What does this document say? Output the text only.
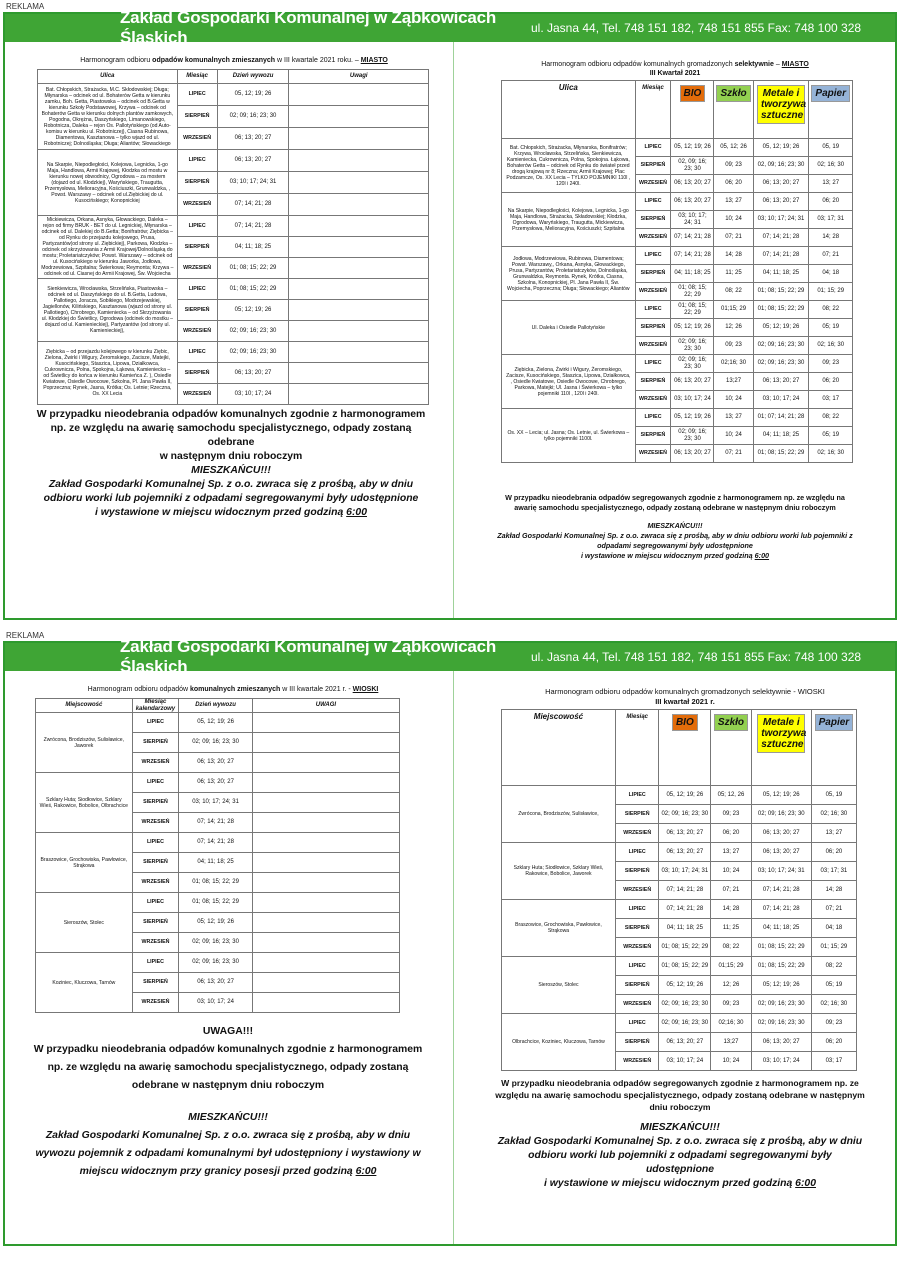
REKLAMA
Zakład Gospodarki Komunalnej w Ząbkowicach Śląskich	ul. Jasna 44, Tel. 748 151 182, 748 151 855 Fax: 748 100 328
Harmonogram odbioru odpadów komunalnych zmieszanych w III kwartale 2021 roku. – MIASTO
Ulica	Miesiąc	Dzień wywozu	Uwagi
Bat. Chłopskich, Strażacka, M.C. Skłodowskiej; Długa; Młynarska – odcinek od ul. Bohaterów Getta w kierunku zamku, Boh. Getta, Piastowska – odcinek od B.Getta w kierunku Szkoły Podstawowej, Krzywa – odcinek od Bohaterów Getta w kierunku dolnych plantów zamkowych, Pogodna, Okrężna, Daszyńskiego, Limanowskiego, Robotnicza, Daleka – rejon Os. Pallotyńskiego (od Auto-komisu w kierunku ul. Robotniczej), Ciasna Rubinowa, Diamentowa, Kasztanowa – tylko wjazd od ul. Robotniczej; Dolnośląska; Długa; Aliantów; Słowackiego	LIPIEC	05, 12; 19; 26	
	SIERPIEŃ	02; 09; 16; 23; 30	
	WRZESIEŃ	06; 13; 20; 27	
Na Skarpie, Niepodległości, Kolejowa, Legnicka, 1-go Maja, Handlowa, Armii Krajowej, Kłodzka od mostu w kierunku nowej obwodnicy, Ogrodowa – za mostem (dojazd od ul. Kłodzkiej), Waryńskiego, Traugutta, Przemysłowa, Melioracyjna, Kościuszki, Grunwaldzka, , Powst. Warszawy – odcinek od ul.Ziębickiej do ul. Kusocińskiego; Konopnickiej	LIPIEC	06; 13; 20; 27	
	SIERPIEŃ	03; 10; 17; 24; 31	
	WRZESIEŃ	07; 14; 21; 28	
Mickiewicza, Orkana, Asnyka, Głowackiego, Daleka – rejon od firmy BRUK - BET do ul. Legnickiej, Młynarska – odcinek od ul. Dalekiej do B.Getta; Bonifratrów; Ziębicka – od Rynku do przejazdu kolejowego, Prusa, Partyzantów(od strony ul. Ziębickiej), Parkowa, Kłodzka – odcinek od skrzyżowania z Armii Krajowej/Dolnośląską do mostu; Proletariatczyków; Powst. Warszawy – odcinek od ul. Kusocińskiego w kierunku Jaworka, Jodłowa, Modrzewiowa, Szpitalna; Świerkowa; Reymonta; Krzywa – odcinek od ul. Ciasnej do Armii Krajowej, Św. Wojciecha	LIPIEC	07; 14; 21; 28	
	SIERPIEŃ	04; 11; 18; 25	
	WRZESIEŃ	01; 08; 15; 22; 29	
Sienkiewicza, Wrocławska, Strzelińska, Piastowska – odcinek od ul. Daszyńskiego do ul. B.Getta, Ludowa, Pallotiego, Joracza, Sobikiego, Modrzejewskiej, Jagiellonów, Kilińskiego, Kasztanowa (wjazd od strony ul. Pallotiego), Chrobrego, Kamieniecka – od Skrzyżowania ul. Kłodzkiej do Świetlicy, Ogrodowa (odcinek do mostku – dojazd od ul. Kamienieckiej), Partyzantów (od strony ul. Kamienieckiej),	LIPIEC	01; 08; 15; 22; 29	
	SIERPIEŃ	05; 12; 19; 26	
	WRZESIEŃ	02; 09; 16; 23; 30	
Ziębicka – od przejazdu kolejowego w kierunku Ziębic, Zielona, Żwirki i Wigury, Żeromskiego, Zacisze, Matejki, Kusocińskiego, Staszica, Lipowa, Działkowca, Cukrownicza, Polna, Spokojna, Łąkowa, Kamieniecka – od Świetlicy do końca w kierunku Kamieńca Z. ), Osiedle Kwiatowe, Osiedle Owocowe, Szkolna, Pl. Jana Pawła II, Poprzeczna; Rynek, Jasna, Krótka; Os. Letnie; Rzeczna, Os. XX Lecia	LIPIEC	02; 09; 16; 23; 30	
	SIERPIEŃ	06; 13; 20; 27	
	WRZESIEŃ	03; 10; 17; 24	
W przypadku nieodebrania odpadów komunalnych zgodnie z harmonogramem np. ze względu na awarię samochodu specjalistycznego, odpady zostaną odebrane
w następnym dniu roboczym
MIESZKAŃCU!!!
Zakład Gospodarki Komunalnej Sp. z o.o. zwraca się z prośbą, aby w dniu odbioru worki lub pojemniki z odpadami segregowanymi były udostępnione
i wystawione w miejscu widocznym przed godziną 6:00
Harmonogram odbioru odpadów komunalnych gromadzonych selektywnie – MIASTO
III Kwartał 2021
Ulica	Miesiąc	BIO	Szkło	Metale i tworzywa sztuczne	Papier
Bat. Chłopskich, Strażacka, Młynarska, Bonifratrów; Krzywa, Wrocławska, Strzelińska, Sienkiewicza, Kamieniecka, Cukrownicza, Polna, Spokojna. Łąkowa, Bohaterów Getta – odcinek od Rynku do świateł przed drogą krajową nr 8; Rzeczna; Armii Krajowej; Plac Podzamcze, Os. XX Lecia – TYLKO POJEMNIKI 110l , 120l i 240l.	LIPIEC	05, 12; 19; 26	05, 12; 26	05, 12; 19; 26	05, 19
	SIERPIEŃ	02, 09; 16; 23; 30	09; 23	02, 09; 16; 23; 30	02; 16; 30
	WRZESIEŃ	06; 13; 20; 27	06; 20	06; 13; 20; 27	13; 27
Na Skarpie, Niepodległości, Kolejowa, Legnicka, 1-go Maja, Handlowa, Strażacka, Składowskiej; Kłodzka, Ogrodowa, Waryńskiego, Traugutta, Mickiewicza, Przemysłowa, Melioracyjna, Kościuszki; Szpitalna	LIPIEC	06; 13; 20; 27	13; 27	06; 13; 20; 27	06; 20
	SIERPIEŃ	03; 10; 17; 24; 31	10; 24	03; 10; 17; 24; 31	03; 17; 31
	WRZESIEŃ	07; 14; 21; 28	07; 21	07; 14; 21; 28	14; 28
Jodłowa, Modrzewiowa, Rubinowa, Diamentowa; Powst. Warszawy,, Orkana, Asnyka, Głowackiego, Prusa, Partyzantów, Proletariatczyków, Dolnośląska, Grunwaldzka, Reymonta. Rynek, Krótka, Ciasna, Szkolna, Konopnickiej, Pl. Jana Pawła II, Św. Wojciecha, Poprzeczna; Długa; Słowackiego; Aliantów	LIPIEC	07; 14; 21; 28	14; 28	07; 14; 21; 28	07; 21
	SIERPIEŃ	04; 11; 18; 25	11; 25	04; 11; 18; 25	04; 18
	WRZESIEŃ	01; 08; 15; 22; 29	08; 22	01; 08; 15; 22; 29	01; 15; 29
Ul. Daleka i Osiedle Pallotyńskie	LIPIEC	01; 08; 15; 22; 29	01;15; 29	01; 08; 15; 22; 29	08; 22
	SIERPIEŃ	05; 12; 19; 26	12; 26	05; 12; 19; 26	05; 19
	WRZESIEŃ	02; 09; 16; 23; 30	09; 23	02; 09; 16; 23; 30	02; 16; 30
Ziębicka, Zielona, Żwirki i Wigury, Żeromskiego, Zacisze, Kusocińskiego, Staszica, Lipowa, Działkowca, , Osiedle Kwiatowe, Osiedle Owocowe, Chrobrego, Parkowa, Matejki; Ul. Jasna i Świerkowa – tylko pojemniki 110l , 120l i 240l.	LIPIEC	02; 09; 16; 23; 30	02;16; 30	02; 09; 16; 23; 30	09; 23
	SIERPIEŃ	06; 13; 20; 27	13;27	06; 13; 20; 27	06; 20
	WRZESIEŃ	03; 10; 17; 24	10; 24	03; 10; 17; 24	03; 17
Os. XX – Lecia; ul. Jasna; Os. Letnie, ul. Świerkowa – tylko pojemniki 1100l.	LIPIEC	05, 12; 19; 26	13; 27	01; 07; 14; 21; 28	08; 22
	SIERPIEŃ	02; 09; 16; 23; 30	10; 24	04; 11; 18; 25	05; 19
	WRZESIEŃ	06; 13; 20; 27	07; 21	01; 08; 15; 22; 29	02; 16; 30
W przypadku nieodebrania odpadów segregowanych zgodnie z harmonogramem np. ze względu na awarię samochodu specjalistycznego, odpady zostaną odebrane w następnym dniu roboczym
MIESZKAŃCU!!!
Zakład Gospodarki Komunalnej Sp. z o.o. zwraca się z prośbą, aby w dniu odbioru worki lub pojemniki z odpadami segregowanymi były udostępnione
i wystawione w miejscu widocznym przed godziną 6:00
REKLAMA
Zakład Gospodarki Komunalnej w Ząbkowicach Śląskich	ul. Jasna 44, Tel. 748 151 182, 748 151 855 Fax: 748 100 328
Harmonogram odbioru odpadów komunalnych zmieszanych w III kwartale 2021 r. - WIOSKI
Miejscowość	Miesiąc kalendarzowy	Dzień wywozu	UWAGI
Zwrócona, Brodziszów, Sulisławice, Jaworek	LIPIEC	05, 12; 19; 26	
	SIERPIEŃ	02; 09; 16; 23; 30	
	WRZESIEŃ	06; 13; 20; 27	
Szklary Huta; Siodłowice, Szklary Wieś, Rakowice, Bobolice, Olbrachcice	LIPIEC	06; 13; 20; 27	
	SIERPIEŃ	03; 10; 17; 24; 31	
	WRZESIEŃ	07; 14; 21; 28	
Braszowice, Grochowiska, Pawłowice, Strąkowa	LIPIEC	07; 14; 21; 28	
	SIERPIEŃ	04; 11; 18; 25	
	WRZESIEŃ	01; 08; 15; 22; 29	
Sieroszów, Stolec	LIPIEC	01; 08; 15; 22; 29	
	SIERPIEŃ	05; 12; 19; 26	
	WRZESIEŃ	02; 09; 16; 23; 30	
Koziniec, Kluczowa, Tarnów	LIPIEC	02; 09; 16; 23; 30	
	SIERPIEŃ	06; 13; 20; 27	
	WRZESIEŃ	03; 10; 17; 24	
UWAGA!!!
W przypadku nieodebrania odpadów komunalnych zgodnie z harmonogramem np. ze względu na awarię samochodu specjalistycznego, odpady zostaną odebrane w następnym dniu roboczym
MIESZKAŃCU!!!
Zakład Gospodarki Komunalnej Sp. z o.o. zwraca się z prośbą, aby w dniu wywozu pojemnik z odpadami komunalnymi był udostępniony i wystawiony w miejscu widocznym przy granicy posesji przed godziną 6:00
Harmonogram odbioru odpadów komunalnych gromadzonych selektywnie - WIOSKI
III kwartał 2021 r.
Miejscowość	Miesiąc	BIO	Szkło	Metale i tworzywa sztuczne	Papier
Zwrócona, Brodziszów, Sulisławice,	LIPIEC	05, 12; 19; 26	05; 12, 26	05, 12; 19; 26	05, 19
	SIERPIEŃ	02; 09; 16; 23; 30	09; 23	02; 09; 16; 23; 30	02; 16; 30
	WRZESIEŃ	06; 13; 20; 27	06; 20	06; 13; 20; 27	13; 27
Szklary Huta; Siodłowice, Szklary Wieś, Rakowice, Bobolice, Jaworek	LIPIEC	06; 13; 20; 27	13; 27	06; 13; 20; 27	06; 20
	SIERPIEŃ	03; 10; 17; 24; 31	10; 24	03; 10; 17; 24; 31	03; 17; 31
	WRZESIEŃ	07; 14; 21; 28	07; 21	07; 14; 21; 28	14; 28
Braszowice, Grochowiska, Pawłowice, Strąkowa	LIPIEC	07; 14; 21; 28	14; 28	07; 14; 21; 28	07; 21
	SIERPIEŃ	04; 11; 18; 25	11; 25	04; 11; 18; 25	04; 18
	WRZESIEŃ	01; 08; 15; 22; 29	08; 22	01; 08; 15; 22; 29	01; 15; 29
Sieroszów, Stolec	LIPIEC	01; 08; 15; 22; 29	01;15; 29	01; 08; 15; 22; 29	08; 22
	SIERPIEŃ	05; 12; 19; 26	12; 26	05; 12; 19; 26	05; 19
	WRZESIEŃ	02; 09; 16; 23; 30	09; 23	02; 09; 16; 23; 30	02; 16; 30
Olbrachcice, Koziniec, Kluczowa, Tarnów	LIPIEC	02; 09; 16; 23; 30	02;16; 30	02; 09; 16; 23; 30	09; 23
	SIERPIEŃ	06; 13; 20; 27	13;27	06; 13; 20; 27	06; 20
	WRZESIEŃ	03; 10; 17; 24	10; 24	03; 10; 17; 24	03; 17
W przypadku nieodebrania odpadów segregowanych zgodnie z harmonogramem np. ze względu na awarię samochodu specjalistycznego, odpady zostaną odebrane w następnym dniu roboczym
MIESZKAŃCU!!!
Zakład Gospodarki Komunalnej Sp. z o.o. zwraca się z prośbą, aby w dniu odbioru worki lub pojemniki z odpadami segregowanymi były udostępnione
i wystawione w miejscu widocznym przed godziną 6:00
